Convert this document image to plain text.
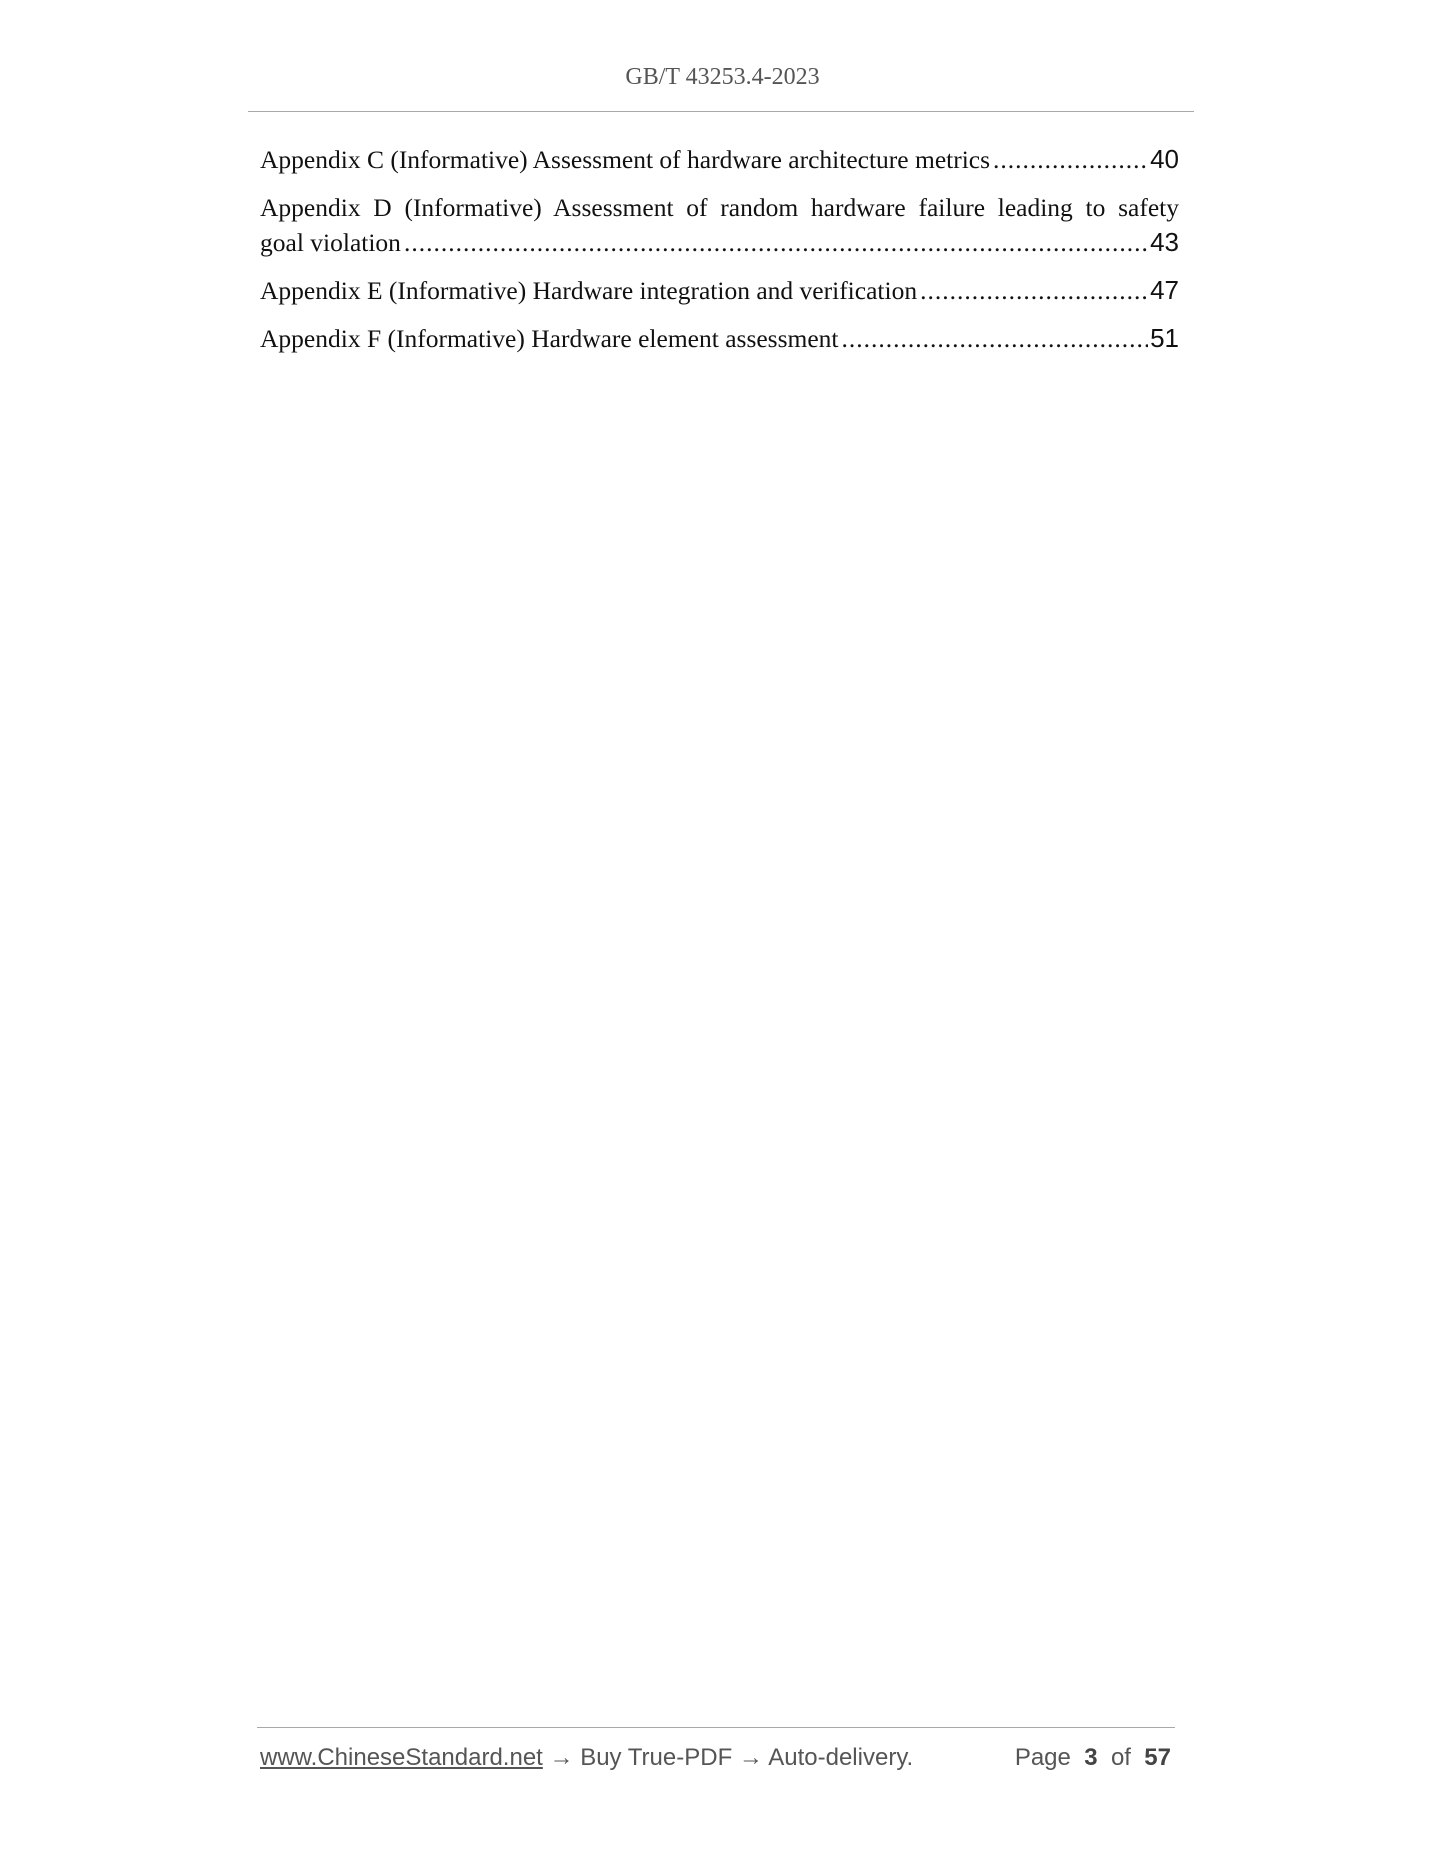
GB/T 43253.4-2023
Appendix C (Informative) Assessment of hardware architecture metrics .....	40
Appendix D (Informative) Assessment of random hardware failure leading to safety
goal violation .....	43
Appendix E (Informative) Hardware integration and verification .....	47
Appendix F (Informative) Hardware element assessment .....	51
www.ChineseStandard.net → Buy True-PDF → Auto-delivery.	Page 3 of 57
